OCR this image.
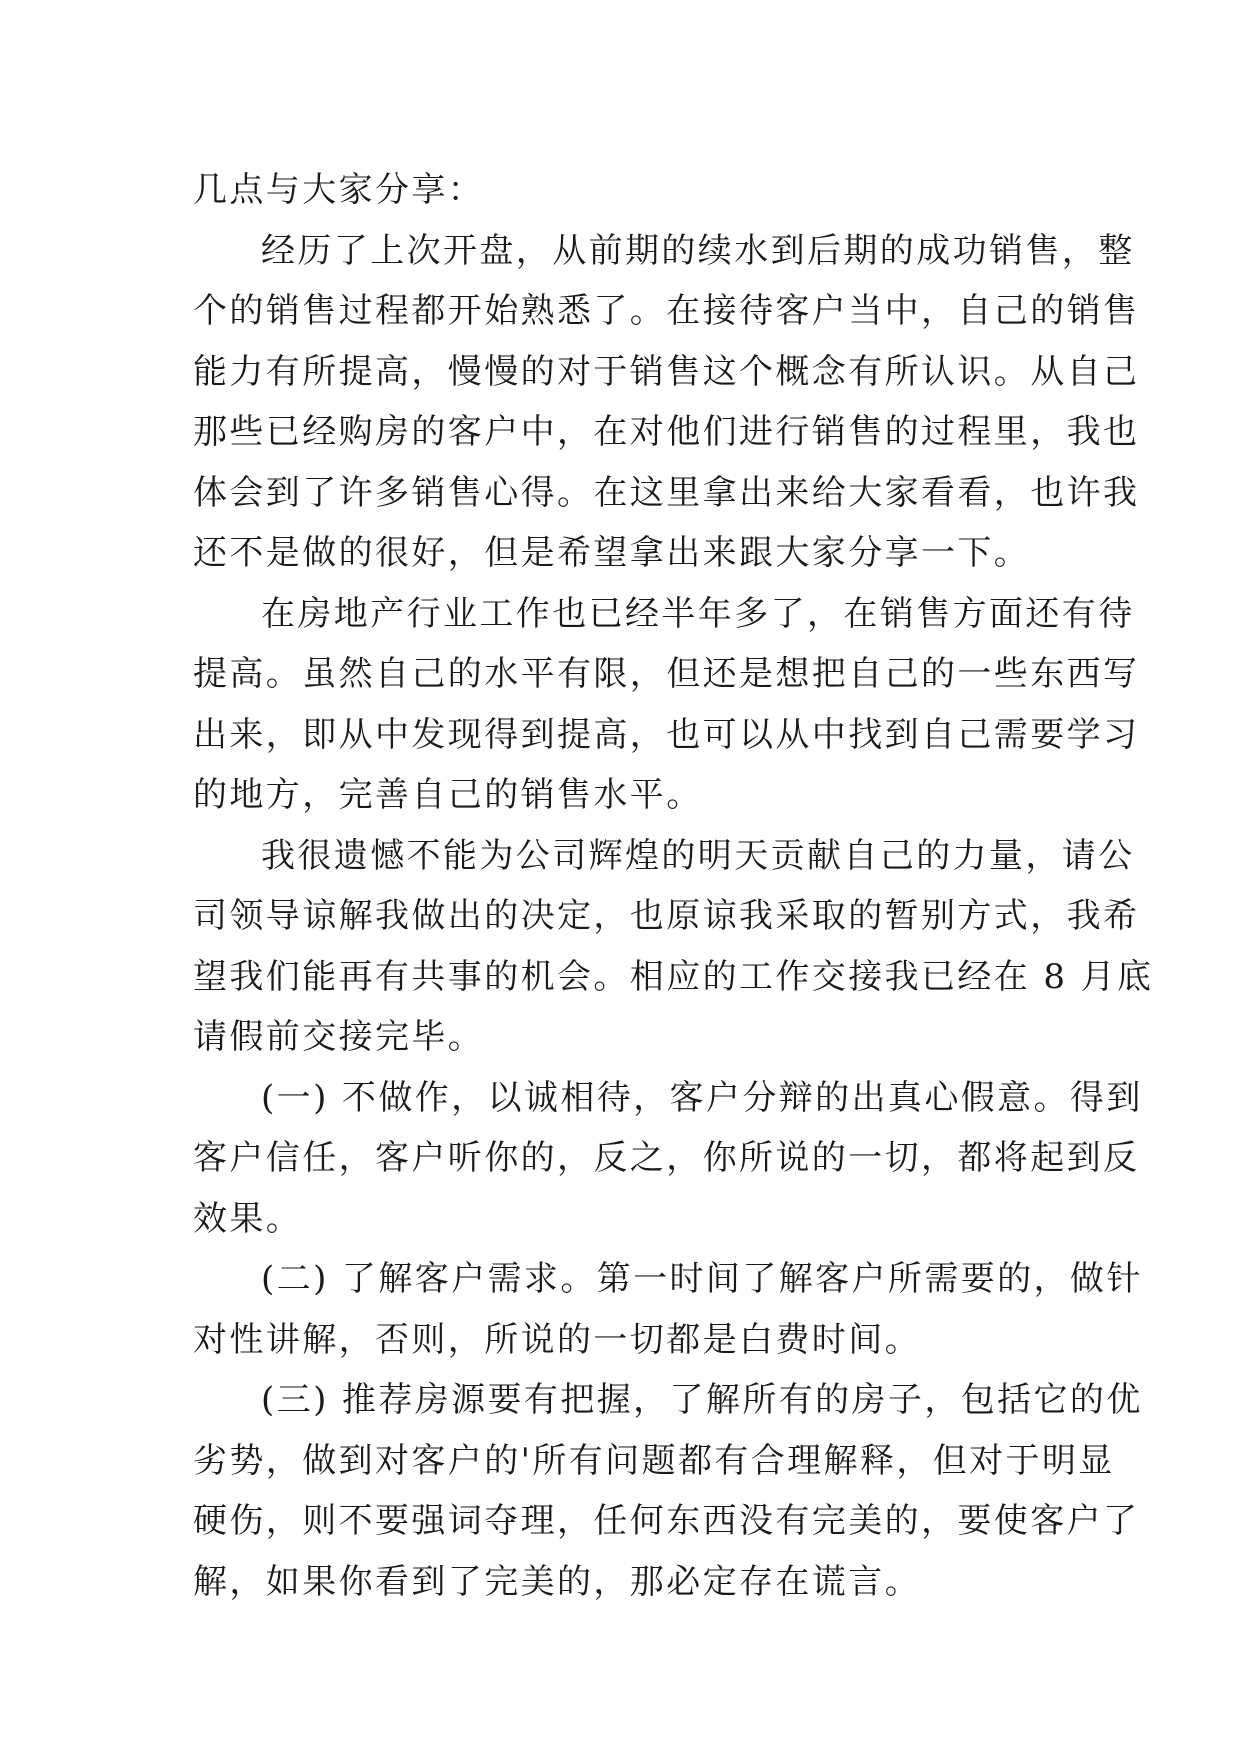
几点与大家分享：
经历了上次开盘，从前期的续水到后期的成功销售，整
个的销售过程都开始熟悉了。在接待客户当中，自己的销售
能力有所提高，慢慢的对于销售这个概念有所认识。从自己
那些已经购房的客户中，在对他们进行销售的过程里，我也
体会到了许多销售心得。在这里拿出来给大家看看，也许我
还不是做的很好，但是希望拿出来跟大家分享一下。
在房地产行业工作也已经半年多了，在销售方面还有待
提高。虽然自己的水平有限，但还是想把自己的一些东西写
出来，即从中发现得到提高，也可以从中找到自己需要学习
的地方，完善自己的销售水平。
我很遗憾不能为公司辉煌的明天贡献自己的力量，请公
司领导谅解我做出的决定，也原谅我采取的暂别方式，我希
望我们能再有共事的机会。相应的工作交接我已经在 8 月底
请假前交接完毕。
(一) 不做作，以诚相待，客户分辩的出真心假意。得到
客户信任，客户听你的，反之，你所说的一切，都将起到反
效果。
(二) 了解客户需求。第一时间了解客户所需要的，做针
对性讲解，否则，所说的一切都是白费时间。
(三) 推荐房源要有把握，了解所有的房子，包括它的优
劣势，做到对客户的'所有问题都有合理解释，但对于明显
硬伤，则不要强词夺理，任何东西没有完美的，要使客户了
解，如果你看到了完美的，那必定存在谎言。
